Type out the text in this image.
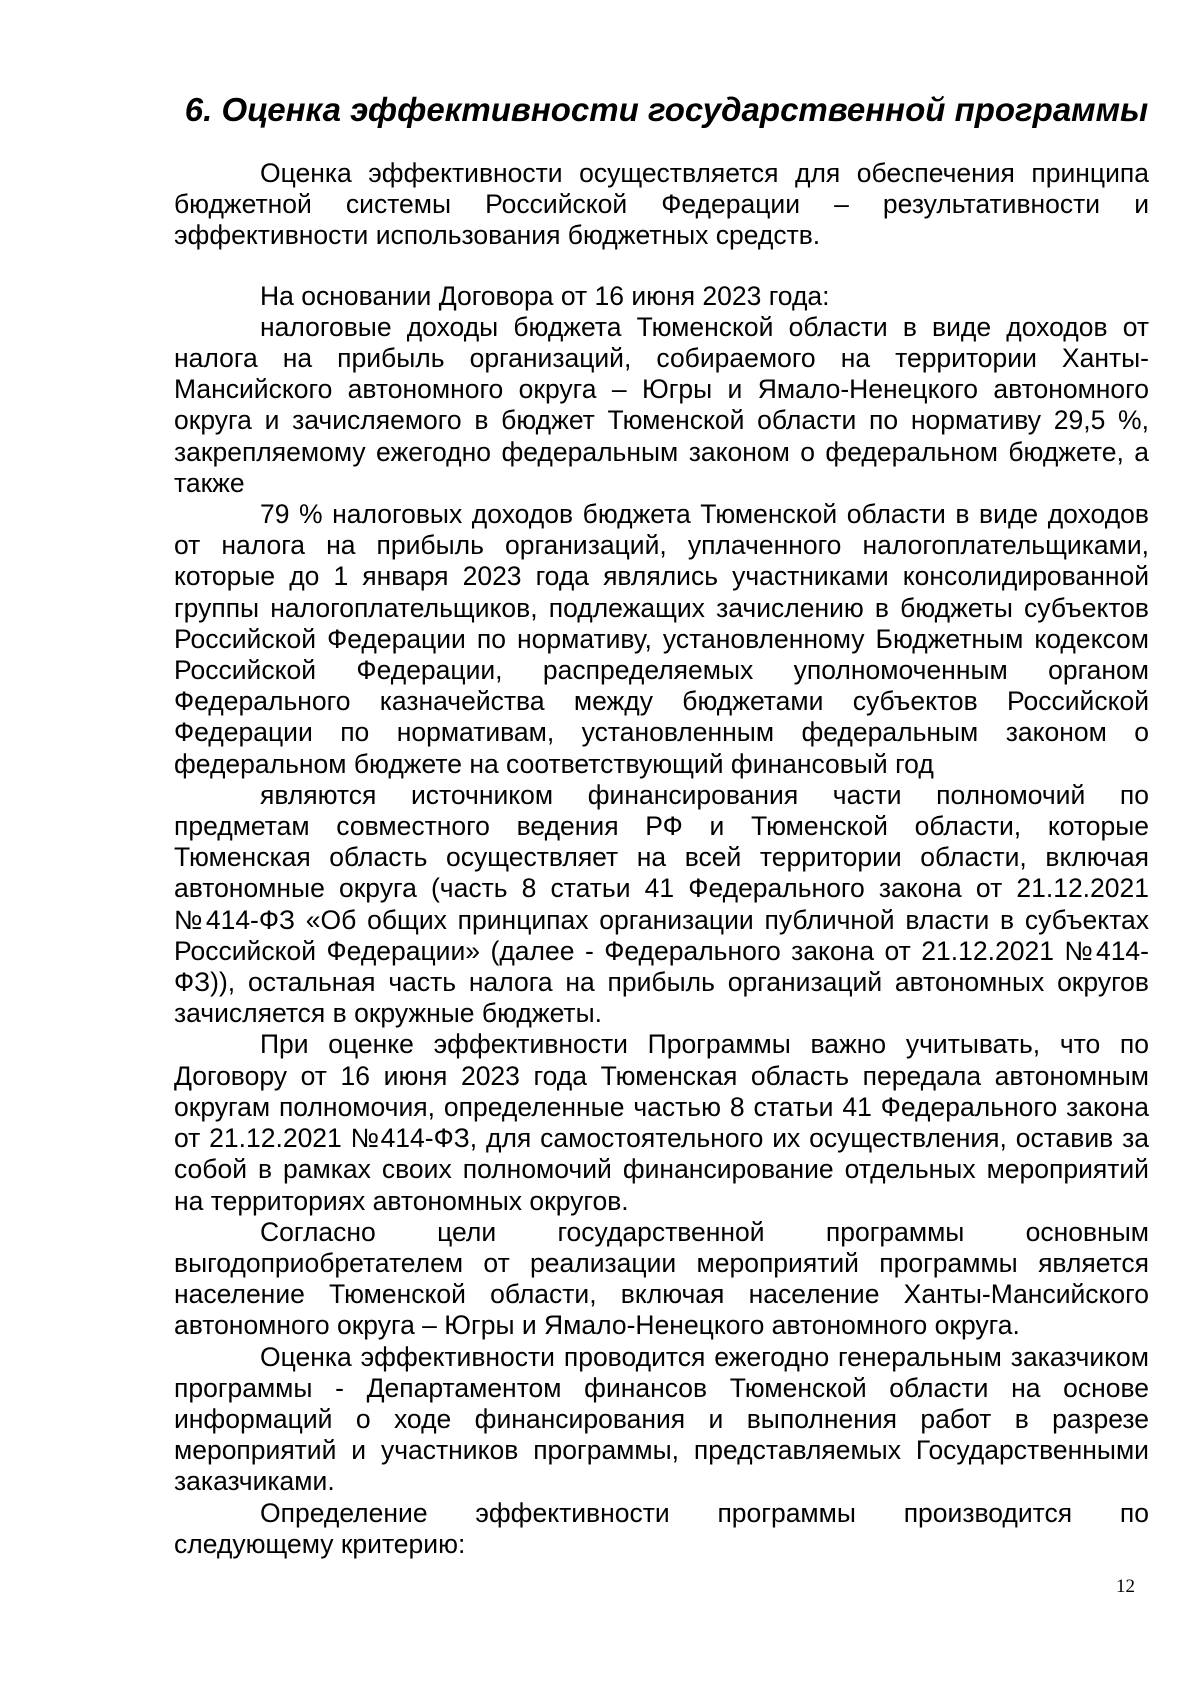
6. Оценка эффективности государственной программы

Оценка эффективности осуществляется для обеспечения принципа бюджетной системы Российской Федерации – результативности и эффективности использования бюджетных средств.

На основании Договора от 16 июня 2023 года:

налоговые доходы бюджета Тюменской области в виде доходов от налога на прибыль организаций, собираемого на территории Ханты-Мансийского автономного округа – Югры и Ямало-Ненецкого автономного округа и зачисляемого в бюджет Тюменской области по нормативу 29,5 %, закрепляемому ежегодно федеральным законом о федеральном бюджете, а также

79 % налоговых доходов бюджета Тюменской области в виде доходов от налога на прибыль организаций, уплаченного налогоплательщиками, которые до 1 января 2023 года являлись участниками консолидированной группы налогоплательщиков, подлежащих зачислению в бюджеты субъектов Российской Федерации по нормативу, установленному Бюджетным кодексом Российской Федерации, распределяемых уполномоченным органом Федерального казначейства между бюджетами субъектов Российской Федерации по нормативам, установленным федеральным законом о федеральном бюджете на соответствующий финансовый год

являются источником финансирования части полномочий по предметам совместного ведения РФ и Тюменской области, которые Тюменская область осуществляет на всей территории области, включая автономные округа (часть 8 статьи 41 Федерального закона от 21.12.2021 №414-ФЗ «Об общих принципах организации публичной власти в субъектах Российской Федерации» (далее - Федерального закона от 21.12.2021 №414-ФЗ)), остальная часть налога на прибыль организаций автономных округов зачисляется в окружные бюджеты.

При оценке эффективности Программы важно учитывать, что по Договору от 16 июня 2023 года Тюменская область передала автономным округам полномочия, определенные частью 8 статьи 41 Федерального закона от 21.12.2021 №414-ФЗ, для самостоятельного их осуществления, оставив за собой в рамках своих полномочий финансирование отдельных мероприятий на территориях автономных округов.

Согласно цели государственной программы основным выгодоприобретателем от реализации мероприятий программы является население Тюменской области, включая население Ханты-Мансийского автономного округа – Югры и Ямало-Ненецкого автономного округа.

Оценка эффективности проводится ежегодно генеральным заказчиком программы - Департаментом финансов Тюменской области на основе информаций о ходе финансирования и выполнения работ в разрезе мероприятий и участников программы, представляемых Государственными заказчиками.

Определение эффективности программы производится по следующему критерию:

12
